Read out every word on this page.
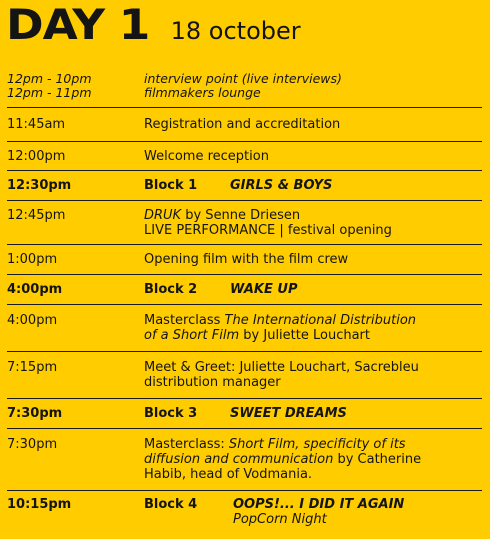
DAY 1 18 october
12pm - 10pm	interview point (live interviews)
12pm - 11pm	filmmakers lounge
11:45am	Registration and accreditation
12:00pm	Welcome reception
12:30pm	Block 1	GIRLS & BOYS
12:45pm	DRUK by Senne Driesen
LIVE PERFORMANCE | festival opening
1:00pm	Opening film with the film crew
4:00pm	Block 2	WAKE UP
4:00pm	Masterclass The International Distribution
of a Short Film by Juliette Louchart
7:15pm	Meet & Greet: Juliette Louchart, Sacrebleu
distribution manager
7:30pm	Block 3	SWEET DREAMS
7:30pm	Masterclass: Short Film, specificity of its
diffusion and communication by Catherine
Habib, head of Vodmania.
10:15pm	Block 4	OOPS!... I DID IT AGAIN
PopCorn Night
